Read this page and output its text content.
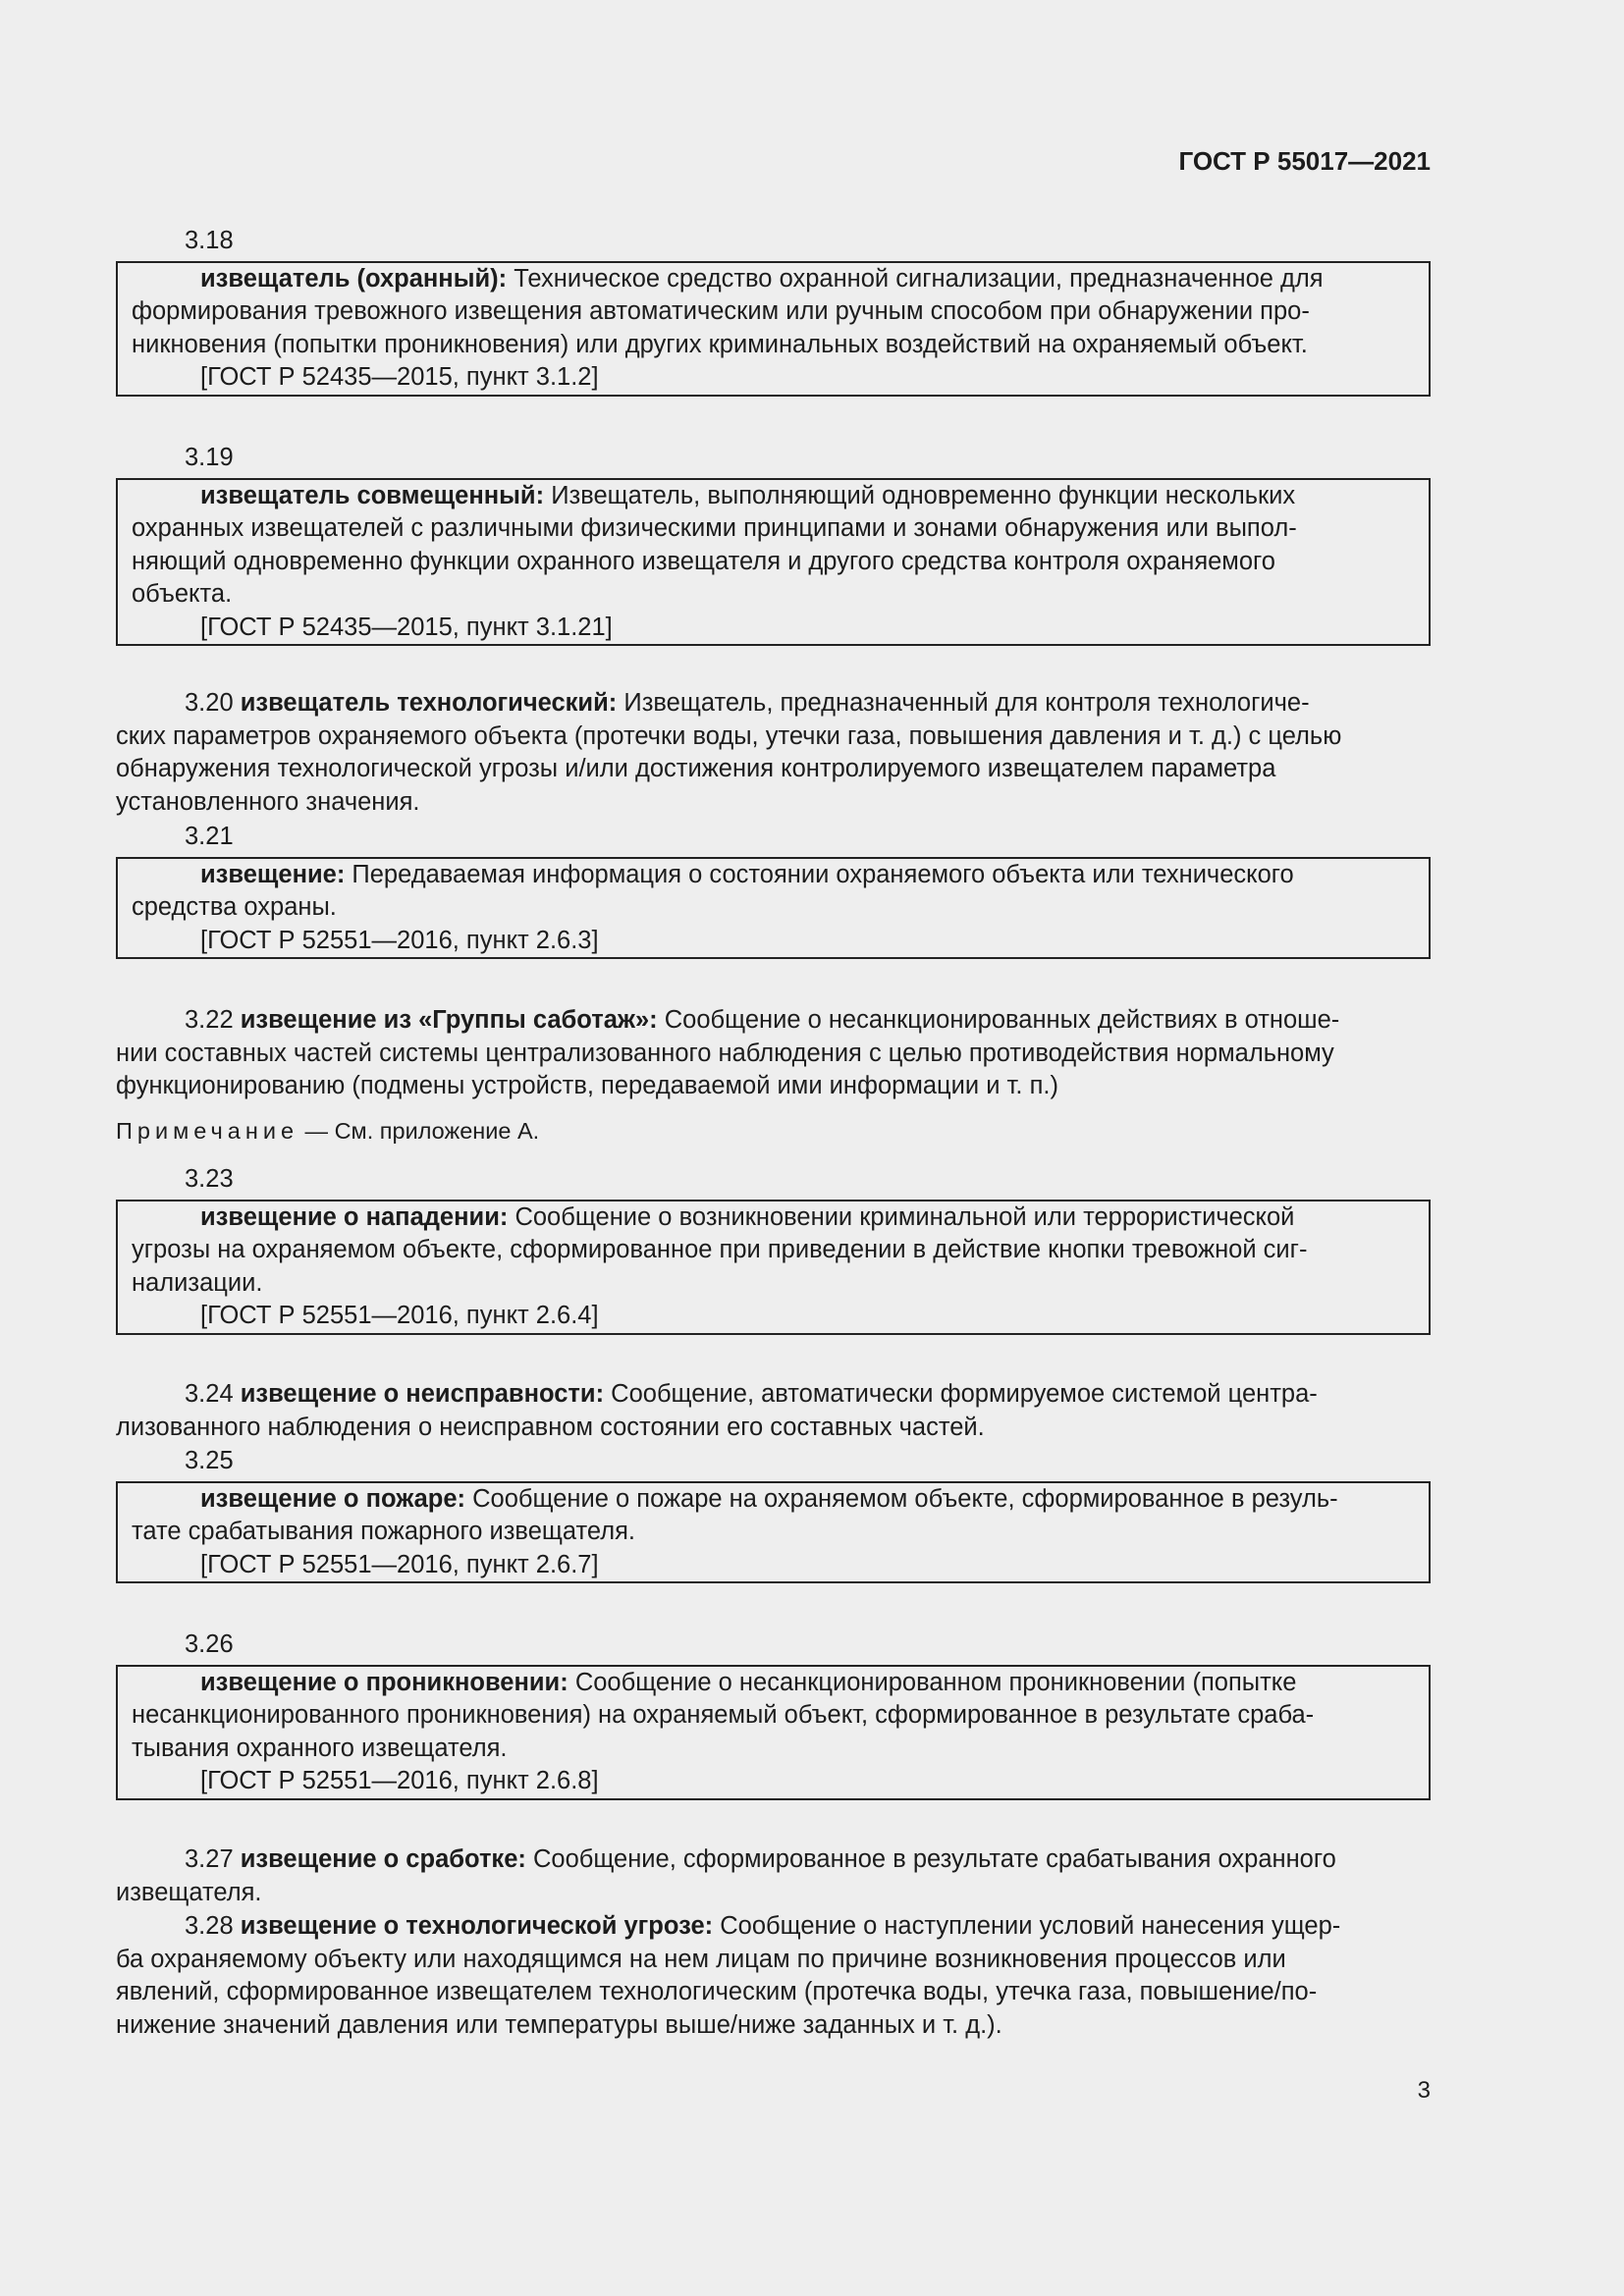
ГОСТ Р 55017—2021
3.18

извещатель (охранный): Техническое средство охранной сигнализации, предназначенное для

формирования тревожного извещения автоматическим или ручным способом при обнаружении про-

никновения (попытки проникновения) или других криминальных воздействий на охраняемый объект.

[ГОСТ Р 52435—2015, пункт 3.1.2]

3.19

извещатель совмещенный: Извещатель, выполняющий одновременно функции нескольких

охранных извещателей с различными физическими принципами и зонами обнаружения или выпол-

няющий одновременно функции охранного извещателя и другого средства контроля охраняемого

объекта.

[ГОСТ Р 52435—2015, пункт 3.1.21]

3.20 извещатель технологический: Извещатель, предназначенный для контроля технологиче-

ских параметров охраняемого объекта (протечки воды, утечки газа, повышения давления и т. д.) с целью

обнаружения технологической угрозы и/или достижения контролируемого извещателем параметра

установленного значения.

3.21

извещение: Передаваемая информация о состоянии охраняемого объекта или технического

средства охраны.

[ГОСТ Р 52551—2016, пункт 2.6.3]

3.22 извещение из «Группы саботаж»: Сообщение о несанкционированных действиях в отноше-

нии составных частей системы централизованного наблюдения с целью противодействия нормальному

функционированию (подмены устройств, передаваемой ими информации и т. п.)

Примечание — См. приложение А.

3.23

извещение о нападении: Сообщение о возникновении криминальной или террористической

угрозы на охраняемом объекте, сформированное при приведении в действие кнопки тревожной сиг-

нализации.

[ГОСТ Р 52551—2016, пункт 2.6.4]

3.24 извещение о неисправности: Сообщение, автоматически формируемое системой центра-

лизованного наблюдения о неисправном состоянии его составных частей.

3.25

извещение о пожаре: Сообщение о пожаре на охраняемом объекте, сформированное в резуль-

тате срабатывания пожарного извещателя.

[ГОСТ Р 52551—2016, пункт 2.6.7]

3.26

извещение о проникновении: Сообщение о несанкционированном проникновении (попытке

несанкционированного проникновения) на охраняемый объект, сформированное в результате сраба-

тывания охранного извещателя.

[ГОСТ Р 52551—2016, пункт 2.6.8]

3.27 извещение о сработке: Сообщение, сформированное в результате срабатывания охранного

извещателя.

3.28 извещение о технологической угрозе: Сообщение о наступлении условий нанесения ущер-

ба охраняемому объекту или находящимся на нем лицам по причине возникновения процессов или

явлений, сформированное извещателем технологическим (протечка воды, утечка газа, повышение/по-

нижение значений давления или температуры выше/ниже заданных и т. д.).

3
